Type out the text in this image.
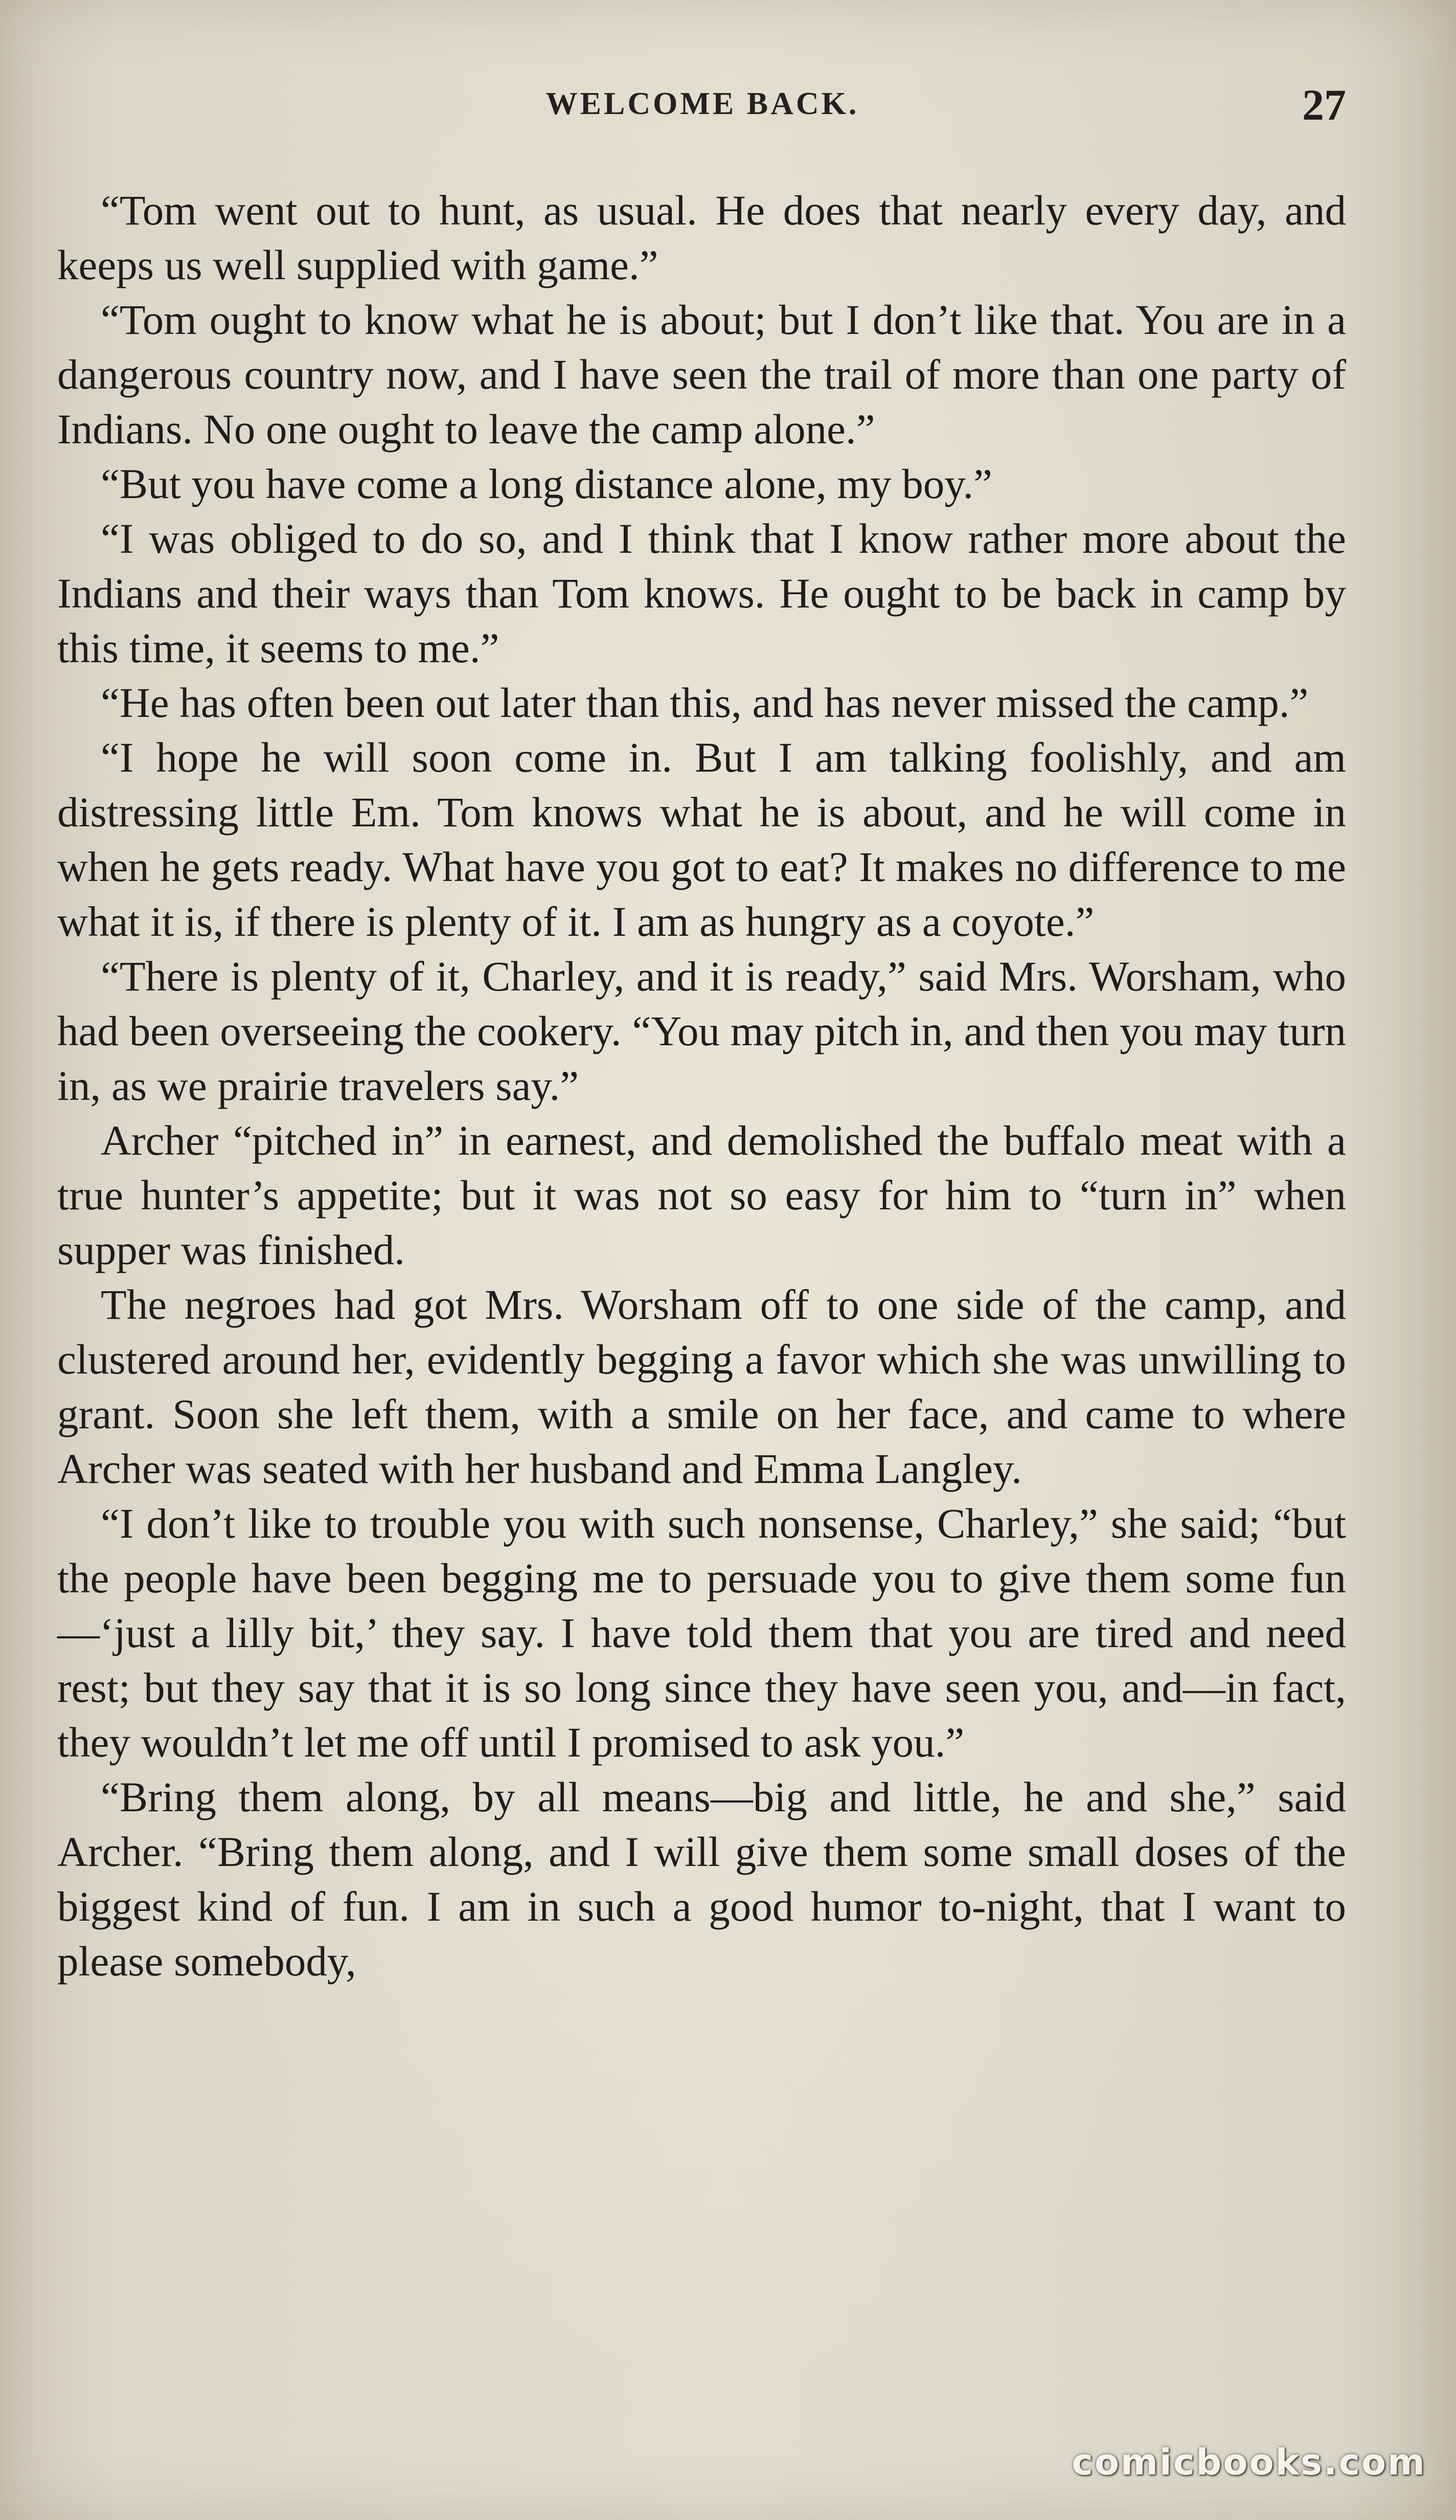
WELCOME BACK.	27

“Tom went out to hunt, as usual. He does that nearly every day, and keeps us well supplied with game.”

“Tom ought to know what he is about; but I don’t like that. You are in a dangerous country now, and I have seen the trail of more than one party of Indians. No one ought to leave the camp alone.”

“But you have come a long distance alone, my boy.”

“I was obliged to do so, and I think that I know rather more about the Indians and their ways than Tom knows. He ought to be back in camp by this time, it seems to me.”

“He has often been out later than this, and has never missed the camp.”

“I hope he will soon come in. But I am talking foolishly, and am distressing little Em. Tom knows what he is about, and he will come in when he gets ready. What have you got to eat? It makes no difference to me what it is, if there is plenty of it. I am as hungry as a coyote.”

“There is plenty of it, Charley, and it is ready,” said Mrs. Worsham, who had been overseeing the cookery. “You may pitch in, and then you may turn in, as we prairie travelers say.”

Archer “pitched in” in earnest, and demolished the buffalo meat with a true hunter’s appetite; but it was not so easy for him to “turn in” when supper was finished.

The negroes had got Mrs. Worsham off to one side of the camp, and clustered around her, evidently begging a favor which she was unwilling to grant. Soon she left them, with a smile on her face, and came to where Archer was seated with her husband and Emma Langley.

“I don’t like to trouble you with such nonsense, Charley,” she said; “but the people have been begging me to persuade you to give them some fun—‘just a lilly bit,’ they say. I have told them that you are tired and need rest; but they say that it is so long since they have seen you, and—in fact, they wouldn’t let me off until I promised to ask you.”

“Bring them along, by all means—big and little, he and she,” said Archer. “Bring them along, and I will give them some small doses of the biggest kind of fun. I am in such a good humor to-night, that I want to please somebody,

comicbooks.com
